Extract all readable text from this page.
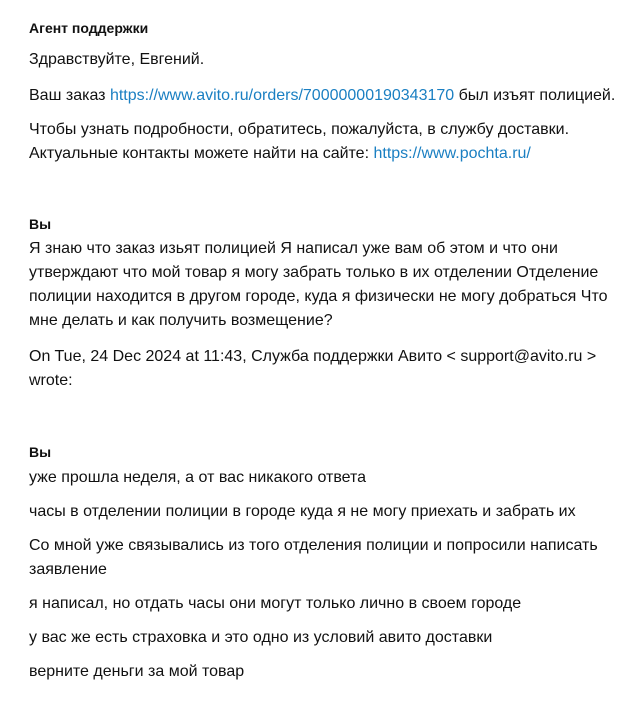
Агент поддержки

Здравствуйте, Евгений.

Ваш заказ https://www.avito.ru/orders/70000000190343170 был изъят полицией.

Чтобы узнать подробности, обратитесь, пожалуйста, в службу доставки. Актуальные контакты можете найти на сайте: https://www.pochta.ru/

Вы

Я знаю что заказ изьят полицией Я написал уже вам об этом и что они утверждают что мой товар я могу забрать только в их отделении Отделение полиции находится в другом городе, куда я физически не могу добраться Что мне делать и как получить возмещение?

On Tue, 24 Dec 2024 at 11:43, Служба поддержки Авито < support@avito.ru > wrote:

Вы

уже прошла неделя, а от вас никакого ответа

часы в отделении полиции в городе куда я не могу приехать и забрать их

Со мной уже связывались из того отделения полиции и попросили написать заявление

я написал, но отдать часы они могут только лично в своем городе

у вас же есть страховка и это одно из условий авито доставки

верните деньги за мой товар
